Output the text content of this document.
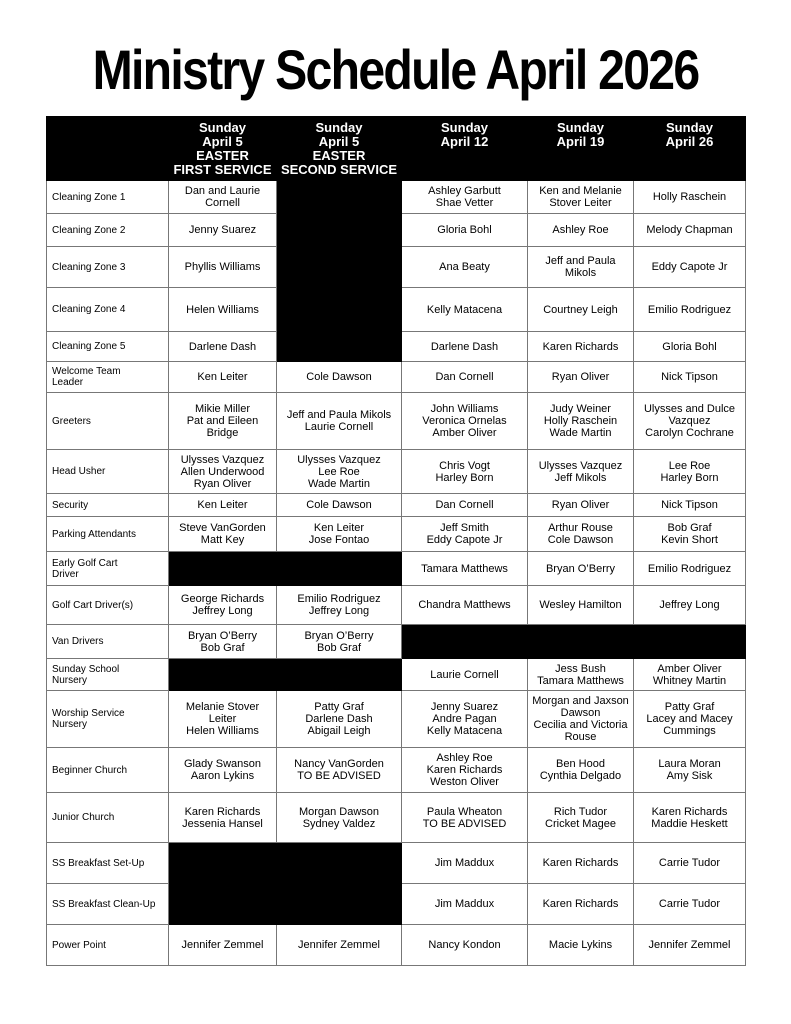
Ministry Schedule April 2026

	Sunday
April 5
EASTER
FIRST SERVICE	Sunday
April 5
EASTER
SECOND SERVICE	Sunday
April 12	Sunday
April 19	Sunday
April 26

Cleaning Zone 1	Dan and Laurie
Cornell		Ashley Garbutt
Shae Vetter	Ken and Melanie
Stover Leiter	Holly Raschein

Cleaning Zone 2	Jenny Suarez		Gloria Bohl	Ashley Roe	Melody Chapman

Cleaning Zone 3	Phyllis Williams		Ana Beaty	Jeff and Paula
Mikols	Eddy Capote Jr

Cleaning Zone 4	Helen Williams		Kelly Matacena	Courtney Leigh	Emilio Rodriguez

Cleaning Zone 5	Darlene Dash		Darlene Dash	Karen Richards	Gloria Bohl

Welcome Team
Leader	Ken Leiter	Cole Dawson	Dan Cornell	Ryan Oliver	Nick Tipson

Greeters	Mikie Miller
Pat and Eileen
Bridge	Jeff and Paula Mikols
Laurie Cornell	John Williams
Veronica Ornelas
Amber Oliver	Judy Weiner
Holly Raschein
Wade Martin	Ulysses and Dulce
Vazquez
Carolyn Cochrane

Head Usher	Ulysses Vazquez
Allen Underwood
Ryan Oliver	Ulysses Vazquez
Lee Roe
Wade Martin	Chris Vogt
Harley Born	Ulysses Vazquez
Jeff Mikols	Lee Roe
Harley Born

Security	Ken Leiter	Cole Dawson	Dan Cornell	Ryan Oliver	Nick Tipson

Parking Attendants	Steve VanGorden
Matt Key	Ken Leiter
Jose Fontao	Jeff Smith
Eddy Capote Jr	Arthur Rouse
Cole Dawson	Bob Graf
Kevin Short

Early Golf Cart
Driver			Tamara Matthews	Bryan O’Berry	Emilio Rodriguez

Golf Cart Driver(s)	George Richards
Jeffrey Long	Emilio Rodriguez
Jeffrey Long	Chandra Matthews	Wesley Hamilton	Jeffrey Long

Van Drivers	Bryan O’Berry
Bob Graf	Bryan O’Berry
Bob Graf			

Sunday School
Nursery			Laurie Cornell	Jess Bush
Tamara Matthews	Amber Oliver
Whitney Martin

Worship Service
Nursery	Melanie Stover
Leiter
Helen Williams	Patty Graf
Darlene Dash
Abigail Leigh	Jenny Suarez
Andre Pagan
Kelly Matacena	Morgan and Jaxson
Dawson
Cecilia and Victoria
Rouse	Patty Graf
Lacey and Macey
Cummings

Beginner Church	Glady Swanson
Aaron Lykins	Nancy VanGorden
TO BE ADVISED	Ashley Roe
Karen Richards
Weston Oliver	Ben Hood
Cynthia Delgado	Laura Moran
Amy Sisk

Junior Church	Karen Richards
Jessenia Hansel	Morgan Dawson
Sydney Valdez	Paula Wheaton
TO BE ADVISED	Rich Tudor
Cricket Magee	Karen Richards
Maddie Heskett

SS Breakfast Set-Up			Jim Maddux	Karen Richards	Carrie Tudor

SS Breakfast Clean-Up			Jim Maddux	Karen Richards	Carrie Tudor

Power Point	Jennifer Zemmel	Jennifer Zemmel	Nancy Kondon	Macie Lykins	Jennifer Zemmel
